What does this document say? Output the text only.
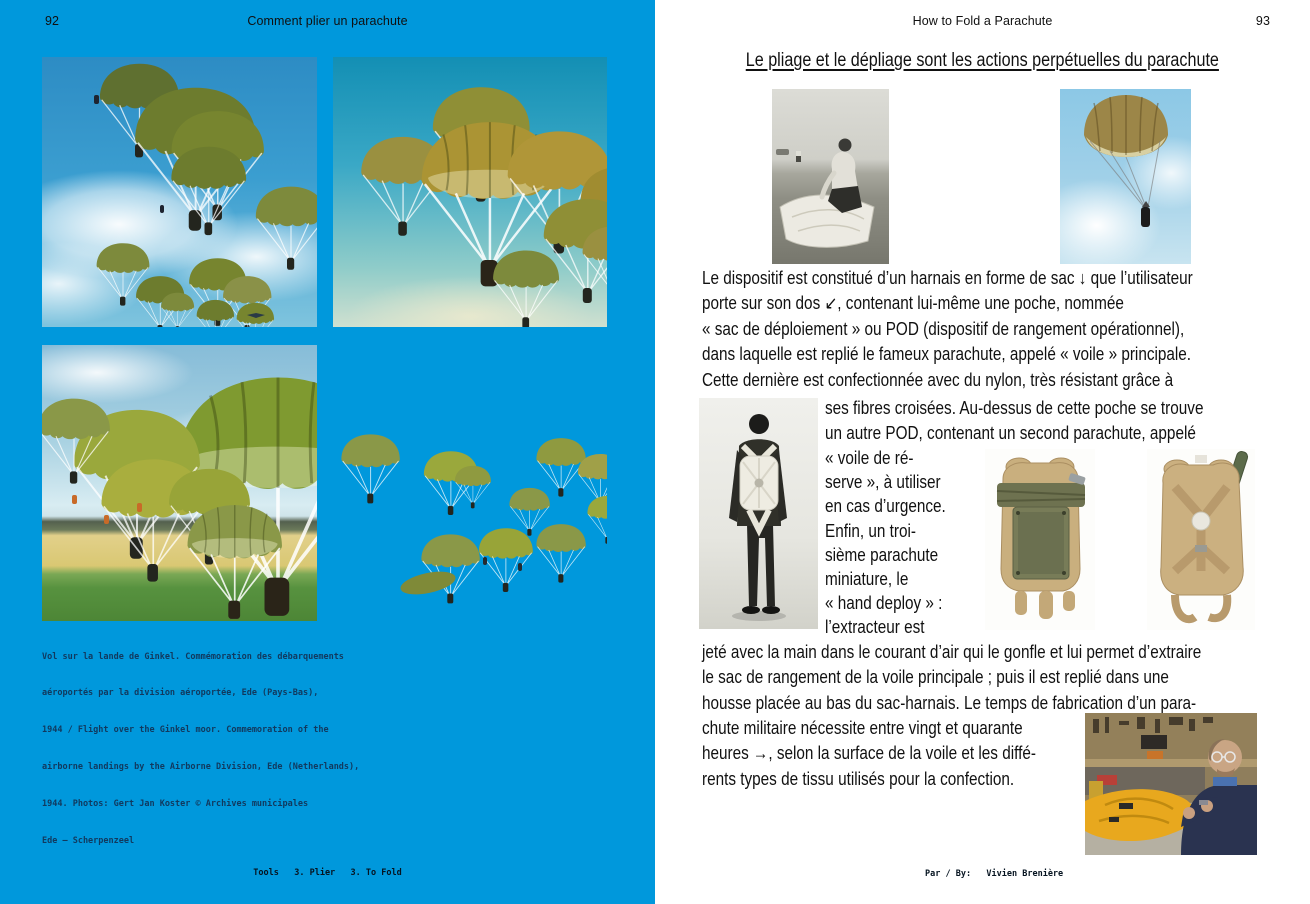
92	Comment plier un parachute

Vol sur la lande de Ginkel. Commémoration des débarquements

aéroportés par la division aéroportée, Ede (Pays-Bas),

1944 / Flight over the Ginkel moor. Commemoration of the

airborne landings by the Airborne Division, Ede (Netherlands),

1944. Photos: Gert Jan Koster © Archives municipales

Ede — Scherpenzeel

Tools   3. Plier   3. To Fold
How to Fold a Parachute	93
Le pliage et le dépliage sont les actions perpétuelles du parachute
Le dispositif est constitué d’un harnais en forme de sac ↓ que l’utilisateur
porte sur son dos ↙, contenant lui-même une poche, nommée
« sac de déploiement » ou POD (dispositif de rangement opérationnel),
dans laquelle est replié le fameux parachute, appelé « voile » principale.
Cette dernière est confectionnée avec du nylon, très résistant grâce à
ses fibres croisées. Au-dessus de cette poche se trouve
un autre POD, contenant un second parachute, appelé
« voile de ré-
serve », à utiliser
en cas d’urgence.
Enfin, un troi-
sième parachute
miniature, le
« hand deploy » :
l’extracteur est
jeté avec la main dans le courant d’air qui le gonfle et lui permet d’extraire
le sac de rangement de la voile principale ; puis il est replié dans une
housse placée au bas du sac-harnais. Le temps de fabrication d’un para-
chute militaire nécessite entre vingt et quarante
heures →, selon la surface de la voile et les diffé-
rents types de tissu utilisés pour la confection.
Par / By:   Vivien Brenière
